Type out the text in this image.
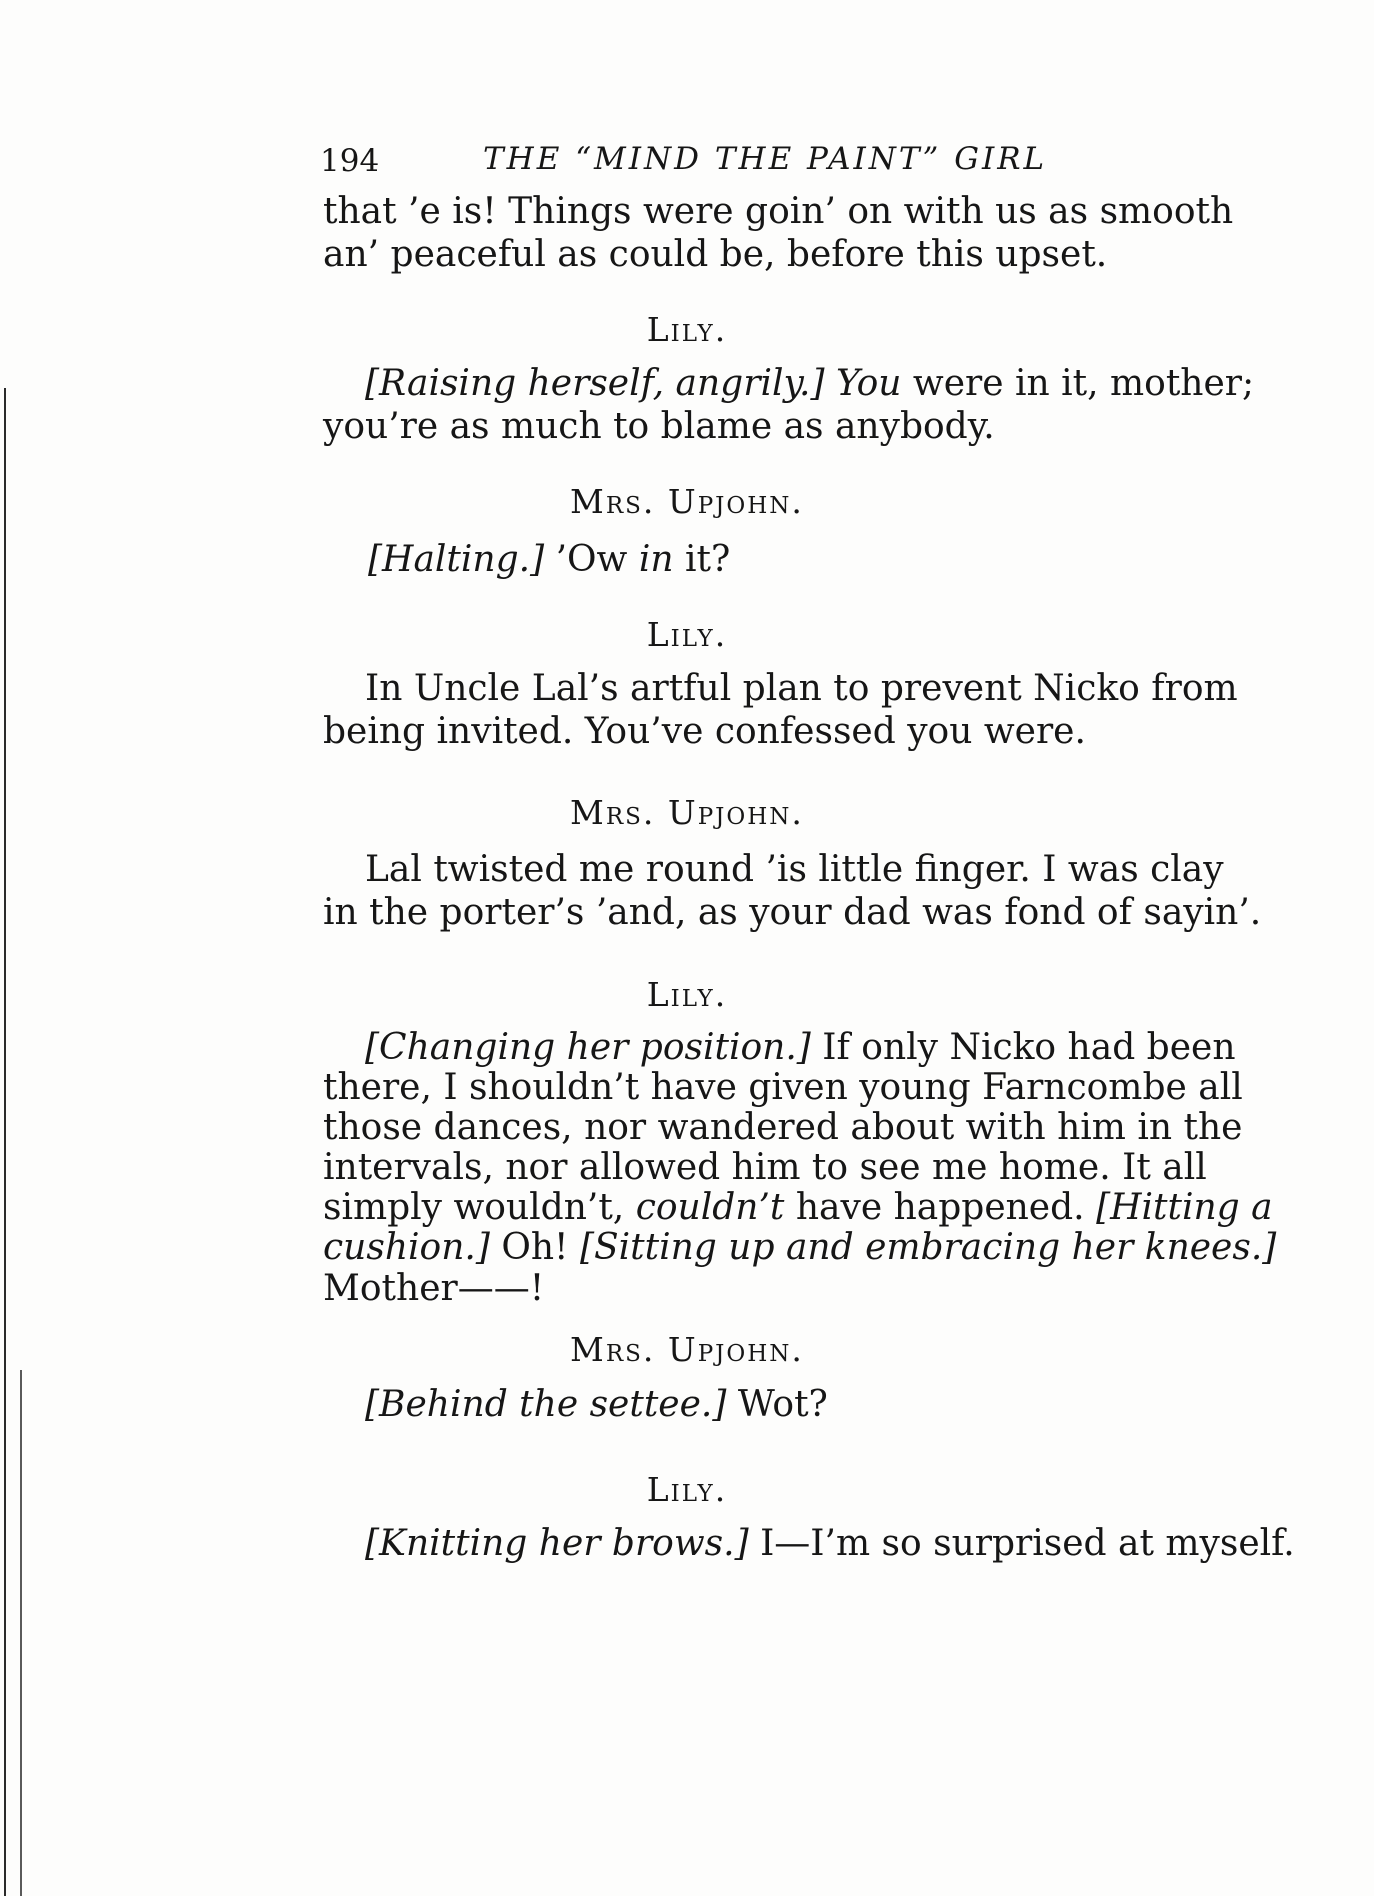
194	THE “MIND THE PAINT” GIRL
that ’e is! Things were goin’ on with us as smooth
an’ peaceful as could be, before this upset.
Lily.
[Raising herself, angrily.] You were in it, mother;
you’re as much to blame as anybody.
Mrs. Upjohn.
[Halting.] ’Ow in it?
Lily.
In Uncle Lal’s artful plan to prevent Nicko from
being invited. You’ve confessed you were.
Mrs. Upjohn.
Lal twisted me round ’is little finger. I was clay
in the porter’s ’and, as your dad was fond of sayin’.
Lily.
[Changing her position.] If only Nicko had been
there, I shouldn’t have given young Farncombe all
those dances, nor wandered about with him in the
intervals, nor allowed him to see me home. It all
simply wouldn’t, couldn’t have happened. [Hitting a
cushion.] Oh! [Sitting up and embracing her knees.]
Mother——!
Mrs. Upjohn.
[Behind the settee.] Wot?
Lily.
[Knitting her brows.] I—I’m so surprised at myself.
